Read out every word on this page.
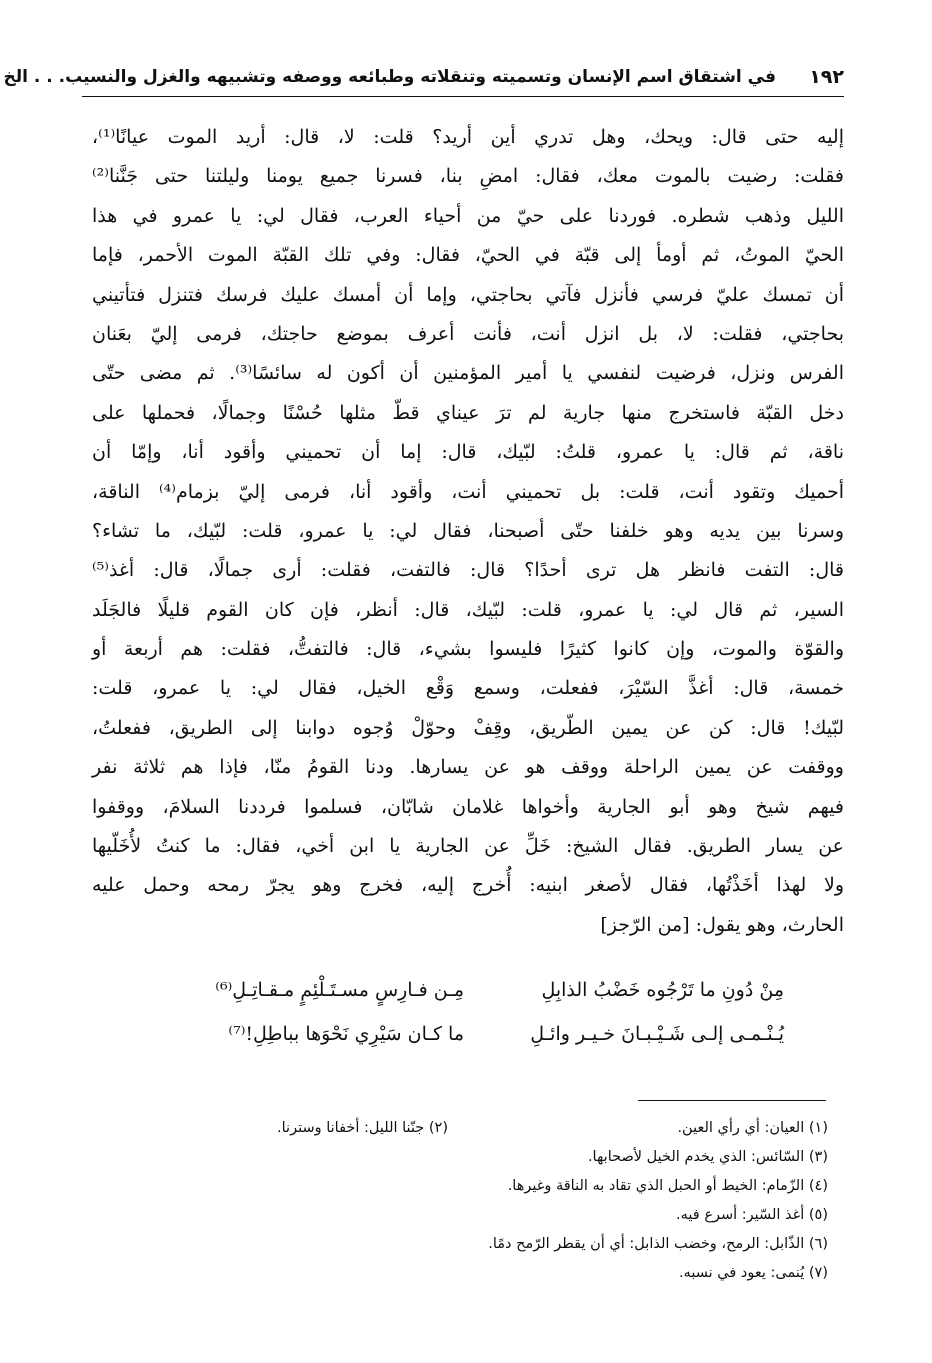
١٩٢
في اشتقاق اسم الإنسان وتسميته وتنقلاته وطبائعه ووصفه وتشبيهه والغزل والنسيب. . . الخ
إليه حتى قال: ويحك، وهل تدري أين أريد؟ قلت: لا، قال: أريد الموت عيانًا⁽¹⁾،
فقلت: رضيت بالموت معك، فقال: امضِ بنا، فسرنا جميع يومنا وليلتنا حتى جَنَّنا⁽²⁾
الليل وذهب شطره. فوردنا على حيّ من أحياء العرب، فقال لي: يا عمرو في هذا
الحيّ الموتُ، ثم أومأ إلى قبّة في الحيّ، فقال: وفي تلك القبّة الموت الأحمر، فإما
أن تمسك عليّ فرسي فأنزل فآتي بحاجتي، وإما أن أمسك عليك فرسك فتنزل فتأتيني
بحاجتي، فقلت: لا، بل انزل أنت، فأنت أعرف بموضع حاجتك، فرمى إليّ بعَنان
الفرس ونزل، فرضيت لنفسي يا أمير المؤمنين أن أكون له سائسًا⁽³⁾. ثم مضى حتّى
دخل القبّة فاستخرج منها جارية لم ترَ عيناي قطّ مثلها حُسْنًا وجمالًا، فحملها على
ناقة، ثم قال: يا عمرو، قلتُ: لبّيك، قال: إما أن تحميني وأقود أنا، وإمّا أن
أحميك وتقود أنت، قلت: بل تحميني أنت، وأقود أنا، فرمى إليّ بزمام⁽⁴⁾ الناقة،
وسرنا بين يديه وهو خلفنا حتّى أصبحنا، فقال لي: يا عمرو، قلت: لبّيك، ما تشاء؟
قال: التفت فانظر هل ترى أحدًا؟ قال: فالتفت، فقلت: أرى جمالًا، قال: أغذ⁽⁵⁾
السير، ثم قال لي: يا عمرو، قلت: لبّيك، قال: أنظر، فإن كان القوم قليلًا فالجَلَد
والقوّة والموت، وإن كانوا كثيرًا فليسوا بشيء، قال: فالتفتُّ، فقلت: هم أربعة أو
خمسة، قال: أغذَّ السّيْرَ، ففعلت، وسمع وَقْع الخيل، فقال لي: يا عمرو، قلت:
لبّيك! قال: كن عن يمين الطّريق، وقِفْ وحوّلْ وُجوه دوابنا إلى الطريق، ففعلتُ،
ووقفت عن يمين الراحلة ووقف هو عن يسارها. ودنا القومُ منّا، فإذا هم ثلاثة نفر
فيهم شيخ وهو أبو الجارية وأخواها غلامان شابّان، فسلموا فرددنا السلامَ، ووقفوا
عن يسار الطريق. فقال الشيخ: خَلِّ عن الجارية يا ابن أخي، فقال: ما كنتُ لأُخَلّيها
ولا لهذا أخَذْتُها، فقال لأصغر ابنيه: أُخرج إليه، فخرج وهو يجرّ رمحه وحمل عليه
الحارث، وهو يقول: [من الرّجز]
مِنْ دُونِ ما تَرْجُوه خَضْبُ الذابِلِ
مِـن فـارِسٍ مسـتَـلْئِمٍ مـقـاتِـلِ⁽⁶⁾
يُـنْـمـى إلـى شَـيْـبـانَ خـيـر وائـلِ
ما كـان سَيْرِي نَحْوَها بباطِلِ!⁽⁷⁾
(١) العيان: أي رأي العين.
(٢) جنّنا الليل: أخفانا وسترنا.
(٣) السّائس: الذي يخدم الخيل لأصحابها.
(٤) الزّمام: الخيط أو الحبل الذي تقاد به الناقة وغيرها.
(٥) أغذ السّير: أسرع فيه.
(٦) الذّابل: الرمح، وخضب الذابل: أي أن يقطر الرّمح دمًا.
(٧) يُنمى: يعود في نسبه.
